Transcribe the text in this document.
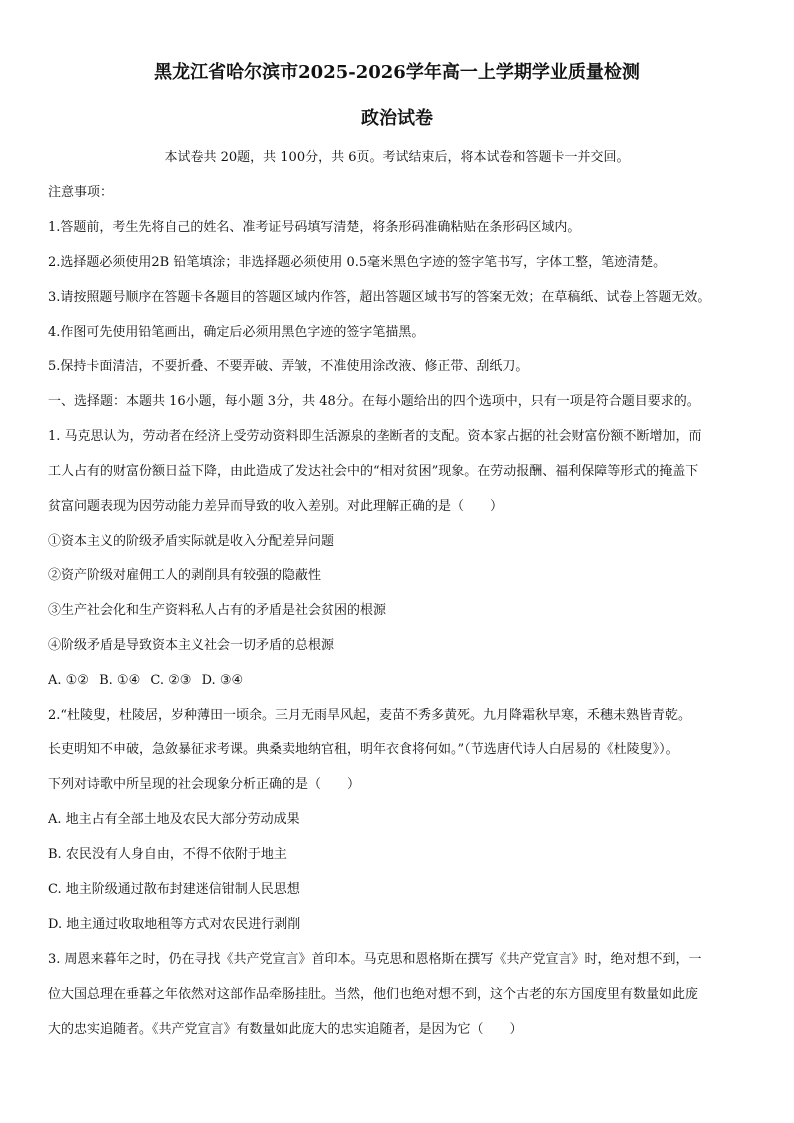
黑龙江省哈尔滨市2025-2026学年高一上学期学业质量检测
政治试卷
本试卷共 20题，共 100分，共 6页。考试结束后，将本试卷和答题卡一并交回。
注意事项：
1.答题前，考生先将自己的姓名、准考证号码填写清楚，将条形码准确粘贴在条形码区域内。
2.选择题必须使用2B 铅笔填涂；非选择题必须使用 0.5毫米黑色字迹的签字笔书写，字体工整，笔迹清楚。
3.请按照题号顺序在答题卡各题目的答题区域内作答，超出答题区域书写的答案无效；在草稿纸、试卷上答题无效。
4.作图可先使用铅笔画出，确定后必须用黑色字迹的签字笔描黑。
5.保持卡面清洁，不要折叠、不要弄破、弄皱，不准使用涂改液、修正带、刮纸刀。
一、选择题：本题共 16小题，每小题 3分，共 48分。在每小题给出的四个选项中，只有一项是符合题目要求的。
1. 马克思认为，劳动者在经济上受劳动资料即生活源泉的垄断者的支配。资本家占据的社会财富份额不断增加，而
工人占有的财富份额日益下降，由此造成了发达社会中的“相对贫困”现象。在劳动报酬、福利保障等形式的掩盖下
贫富问题表现为因劳动能力差异而导致的收入差别。对此理解正确的是（　　）
①资本主义的阶级矛盾实际就是收入分配差异问题
②资产阶级对雇佣工人的剥削具有较强的隐蔽性
③生产社会化和生产资料私人占有的矛盾是社会贫困的根源
④阶级矛盾是导致资本主义社会一切矛盾的总根源
A. ①② B. ①④ C. ②③ D. ③④
2.“杜陵叟，杜陵居，岁种薄田一顷余。三月无雨旱风起，麦苗不秀多黄死。九月降霜秋早寒，禾穗未熟皆青乾。
长吏明知不申破，急敛暴征求考课。典桑卖地纳官租，明年衣食将何如。”（节选唐代诗人白居易的《杜陵叟》）。
下列对诗歌中所呈现的社会现象分析正确的是（　　）
A. 地主占有全部土地及农民大部分劳动成果
B. 农民没有人身自由，不得不依附于地主
C. 地主阶级通过散布封建迷信钳制人民思想
D. 地主通过收取地租等方式对农民进行剥削
3. 周恩来暮年之时，仍在寻找《共产党宣言》首印本。马克思和恩格斯在撰写《共产党宣言》时，绝对想不到，一
位大国总理在垂暮之年依然对这部作品牵肠挂肚。当然，他们也绝对想不到，这个古老的东方国度里有数量如此庞
大的忠实追随者。《共产党宣言》有数量如此庞大的忠实追随者，是因为它（　　）
